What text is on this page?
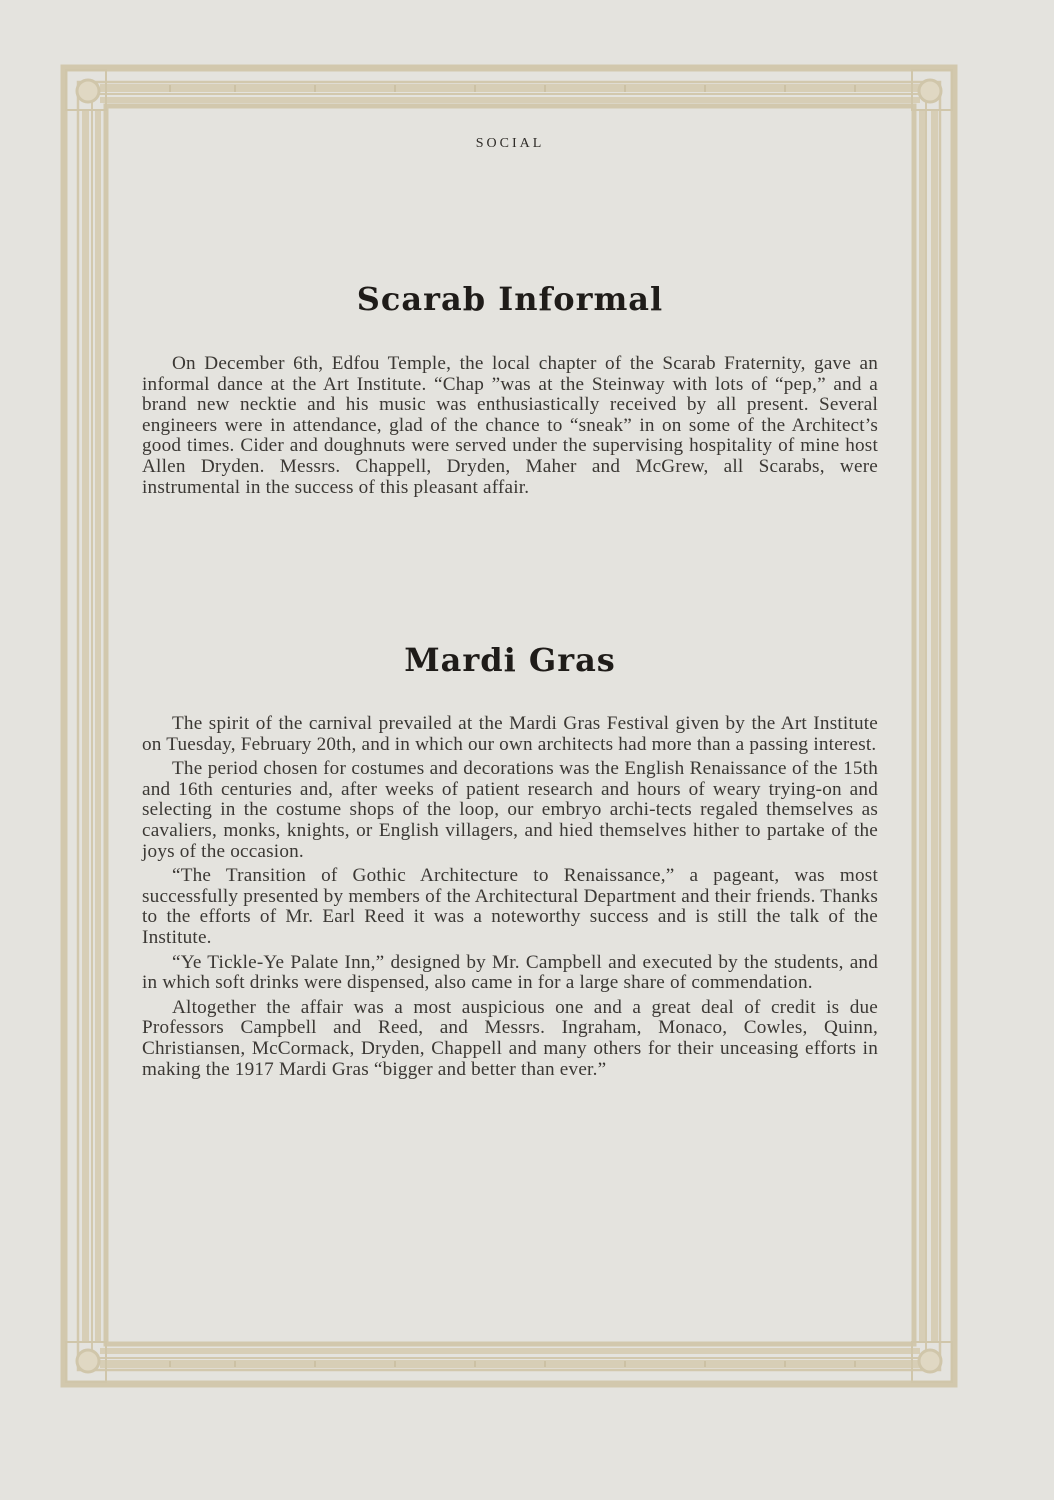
SOCIAL
Scarab Informal

On December 6th, Edfou Temple, the local chapter of the Scarab Fraternity, gave an informal dance at the Art Institute. “Chap ”was at the Steinway with lots of “pep,” and a brand new necktie and his music was enthusiastically received by all present. Several engineers were in attendance, glad of the chance to “sneak” in on some of the Architect’s good times. Cider and doughnuts were served under the supervising hospitality of mine host Allen Dryden. Messrs. Chappell, Dryden, Maher and McGrew, all Scarabs, were instrumental in the success of this pleasant affair.

Mardi Gras

The spirit of the carnival prevailed at the Mardi Gras Festival given by the Art Institute on Tuesday, February 20th, and in which our own architects had more than a passing interest.

The period chosen for costumes and decorations was the English Renaissance of the 15th and 16th centuries and, after weeks of patient research and hours of weary trying-on and selecting in the costume shops of the loop, our embryo archi-tects regaled themselves as cavaliers, monks, knights, or English villagers, and hied themselves hither to partake of the joys of the occasion.

“The Transition of Gothic Architecture to Renaissance,” a pageant, was most successfully presented by members of the Architectural Department and their friends. Thanks to the efforts of Mr. Earl Reed it was a noteworthy success and is still the talk of the Institute.

“Ye Tickle-Ye Palate Inn,” designed by Mr. Campbell and executed by the students, and in which soft drinks were dispensed, also came in for a large share of commendation.

Altogether the affair was a most auspicious one and a great deal of credit is due Professors Campbell and Reed, and Messrs. Ingraham, Monaco, Cowles, Quinn, Christiansen, McCormack, Dryden, Chappell and many others for their unceasing efforts in making the 1917 Mardi Gras “bigger and better than ever.”
